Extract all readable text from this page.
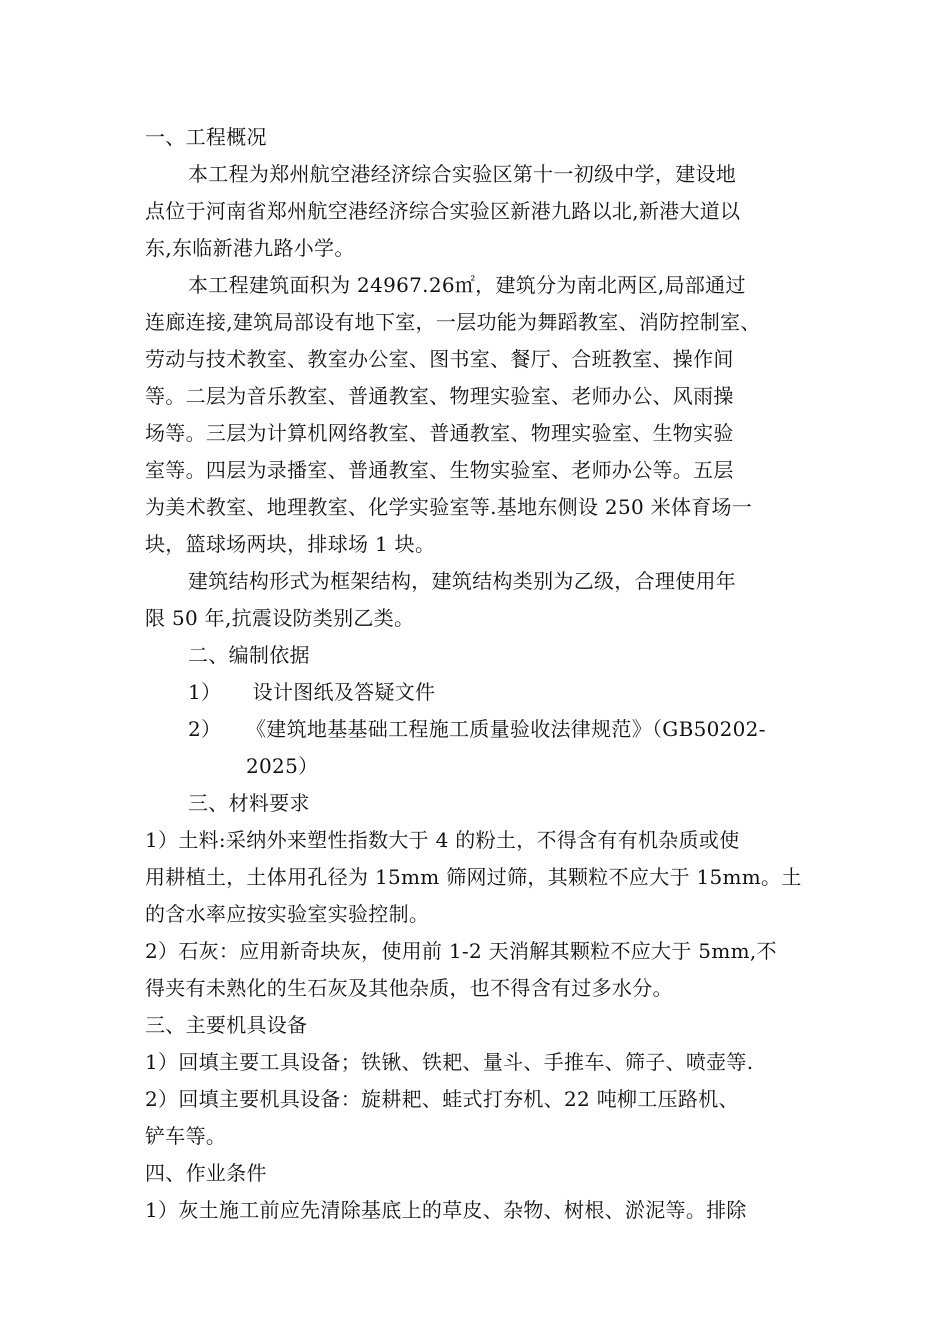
一、工程概况
本工程为郑州航空港经济综合实验区第十一初级中学，建设地
点位于河南省郑州航空港经济综合实验区新港九路以北,新港大道以
东,东临新港九路小学。
本工程建筑面积为 24967.26㎡，建筑分为南北两区,局部通过
连廊连接,建筑局部设有地下室，一层功能为舞蹈教室、消防控制室、
劳动与技术教室、教室办公室、图书室、餐厅、合班教室、操作间
等。二层为音乐教室、普通教室、物理实验室、老师办公、风雨操
场等。三层为计算机网络教室、普通教室、物理实验室、生物实验
室等。四层为录播室、普通教室、生物实验室、老师办公等。五层
为美术教室、地理教室、化学实验室等.基地东侧设 250 米体育场一
块，篮球场两块，排球场 1 块。
建筑结构形式为框架结构，建筑结构类别为乙级，合理使用年
限 50 年,抗震设防类别乙类。
二、编制依据
1） 设计图纸及答疑文件
2） 《建筑地基基础工程施工质量验收法律规范》（GB50202-
2025）
三、材料要求
1）土料:采纳外来塑性指数大于 4 的粉土，不得含有有机杂质或使
用耕植土，土体用孔径为 15mm 筛网过筛，其颗粒不应大于 15mm。土
的含水率应按实验室实验控制。
2）石灰：应用新奇块灰，使用前 1-2 天消解其颗粒不应大于 5mm,不
得夹有未熟化的生石灰及其他杂质，也不得含有过多水分。
三、主要机具设备
1）回填主要工具设备；铁锹、铁耙、量斗、手推车、筛子、喷壶等.
2）回填主要机具设备：旋耕耙、蛙式打夯机、22 吨柳工压路机、
铲车等。
四、作业条件
1）灰土施工前应先清除基底上的草皮、杂物、树根、淤泥等。排除
